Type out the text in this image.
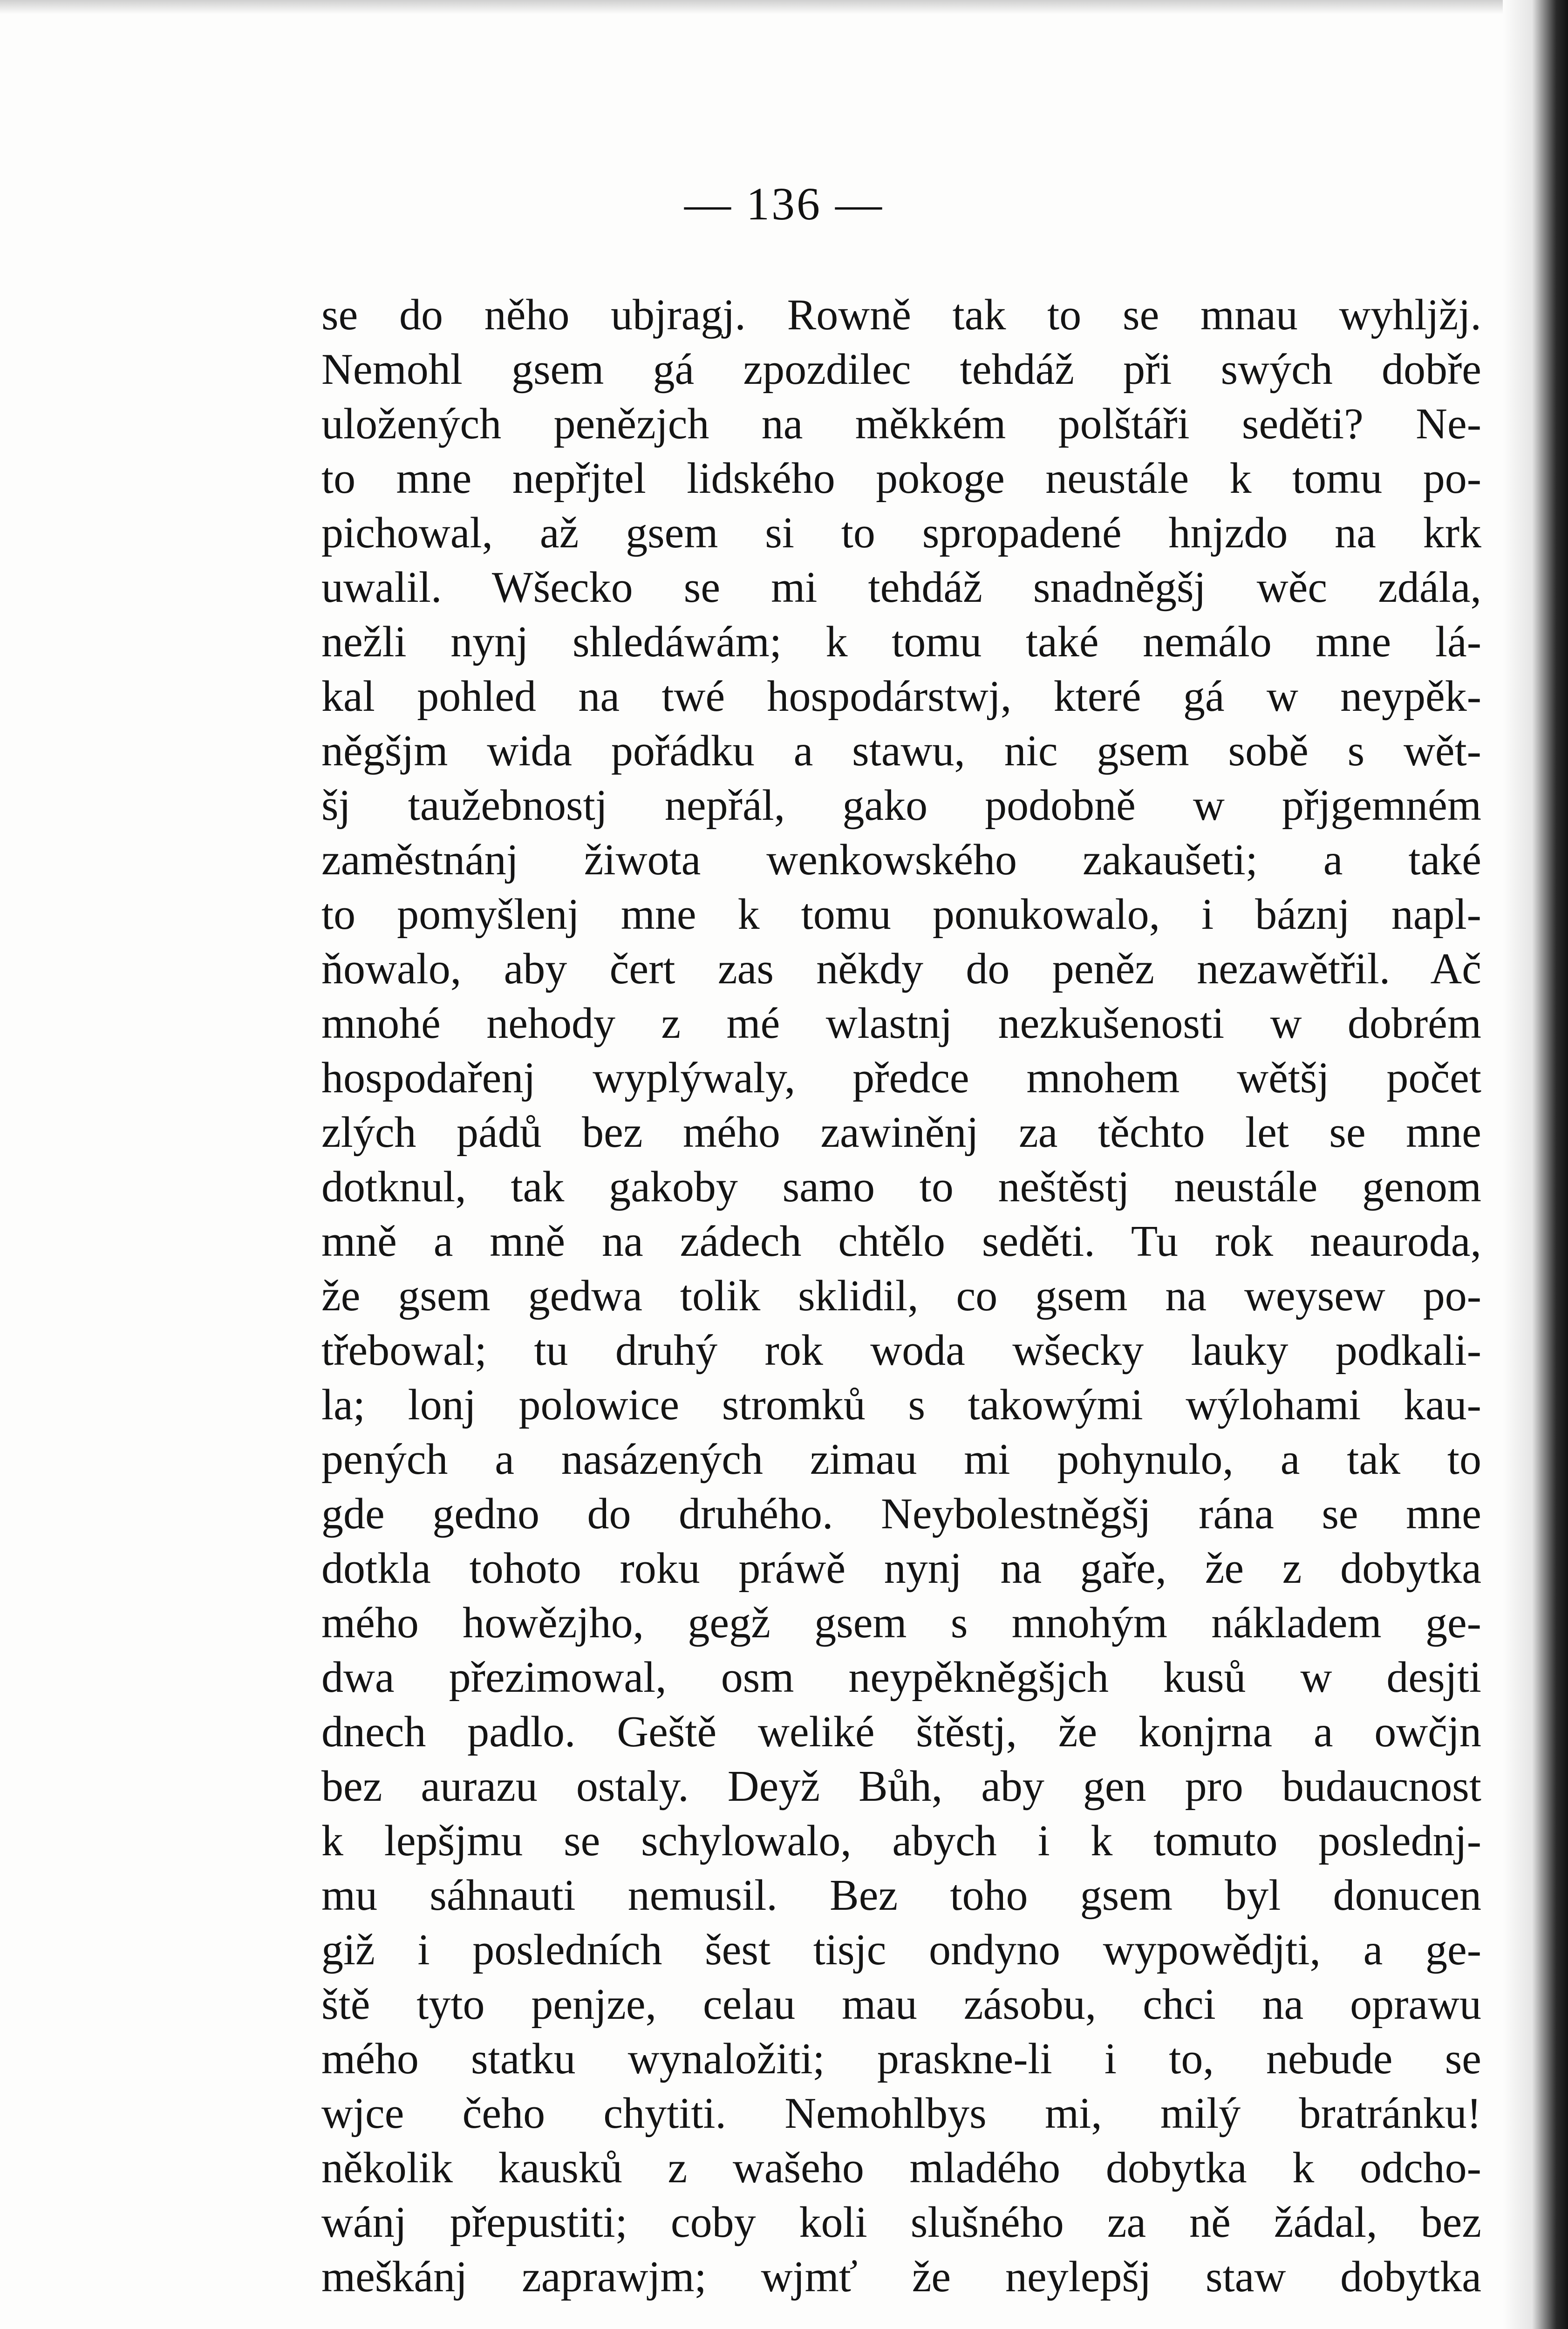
— 136 —
se do něho ubjragj. Rowně tak to se mnau wyhljžj.
Nemohl gsem gá zpozdilec tehdáž při swých dobře
uložených penězjch na měkkém polštáři seděti? Ne-
to mne nepřjtel lidského pokoge neustále k tomu po-
pichowal, až gsem si to spropadené hnjzdo na krk
uwalil. Wšecko se mi tehdáž snadněgšj wěc zdála,
nežli nynj shledáwám; k tomu také nemálo mne lá-
kal pohled na twé hospodárstwj, které gá w neypěk-
něgšjm wida pořádku a stawu, nic gsem sobě s wět-
šj taužebnostj nepřál, gako podobně w přjgemném
zaměstnánj žiwota wenkowského zakaušeti; a také
to pomyšlenj mne k tomu ponukowalo, i báznj napl-
ňowalo, aby čert zas někdy do peněz nezawětřil. Ač
mnohé nehody z mé wlastnj nezkušenosti w dobrém
hospodařenj wyplýwaly, předce mnohem wětšj počet
zlých pádů bez mého zawiněnj za těchto let se mne
dotknul, tak gakoby samo to neštěstj neustále genom
mně a mně na zádech chtělo seděti. Tu rok neauroda,
že gsem gedwa tolik sklidil, co gsem na weysew po-
třebowal; tu druhý rok woda wšecky lauky podkali-
la; lonj polowice stromků s takowými wýlohami kau-
pených a nasázených zimau mi pohynulo, a tak to
gde gedno do druhého. Neybolestněgšj rána se mne
dotkla tohoto roku práwě nynj na gaře, že z dobytka
mého howězjho, gegž gsem s mnohým nákladem ge-
dwa přezimowal, osm neypěkněgšjch kusů w desjti
dnech padlo. Geště weliké štěstj, že konjrna a owčjn
bez aurazu ostaly. Deyž Bůh, aby gen pro budaucnost
k lepšjmu se schylowalo, abych i k tomuto poslednj-
mu sáhnauti nemusil. Bez toho gsem byl donucen
giž i posledních šest tisjc ondyno wypowědjti, a ge-
ště tyto penjze, celau mau zásobu, chci na oprawu
mého statku wynaložiti; praskne-li i to, nebude se
wjce čeho chytiti. Nemohlbys mi, milý bratránku!
několik kausků z wašeho mladého dobytka k odcho-
wánj přepustiti; coby koli slušného za ně žádal, bez
meškánj zaprawjm; wjmť že neylepšj staw dobytka
